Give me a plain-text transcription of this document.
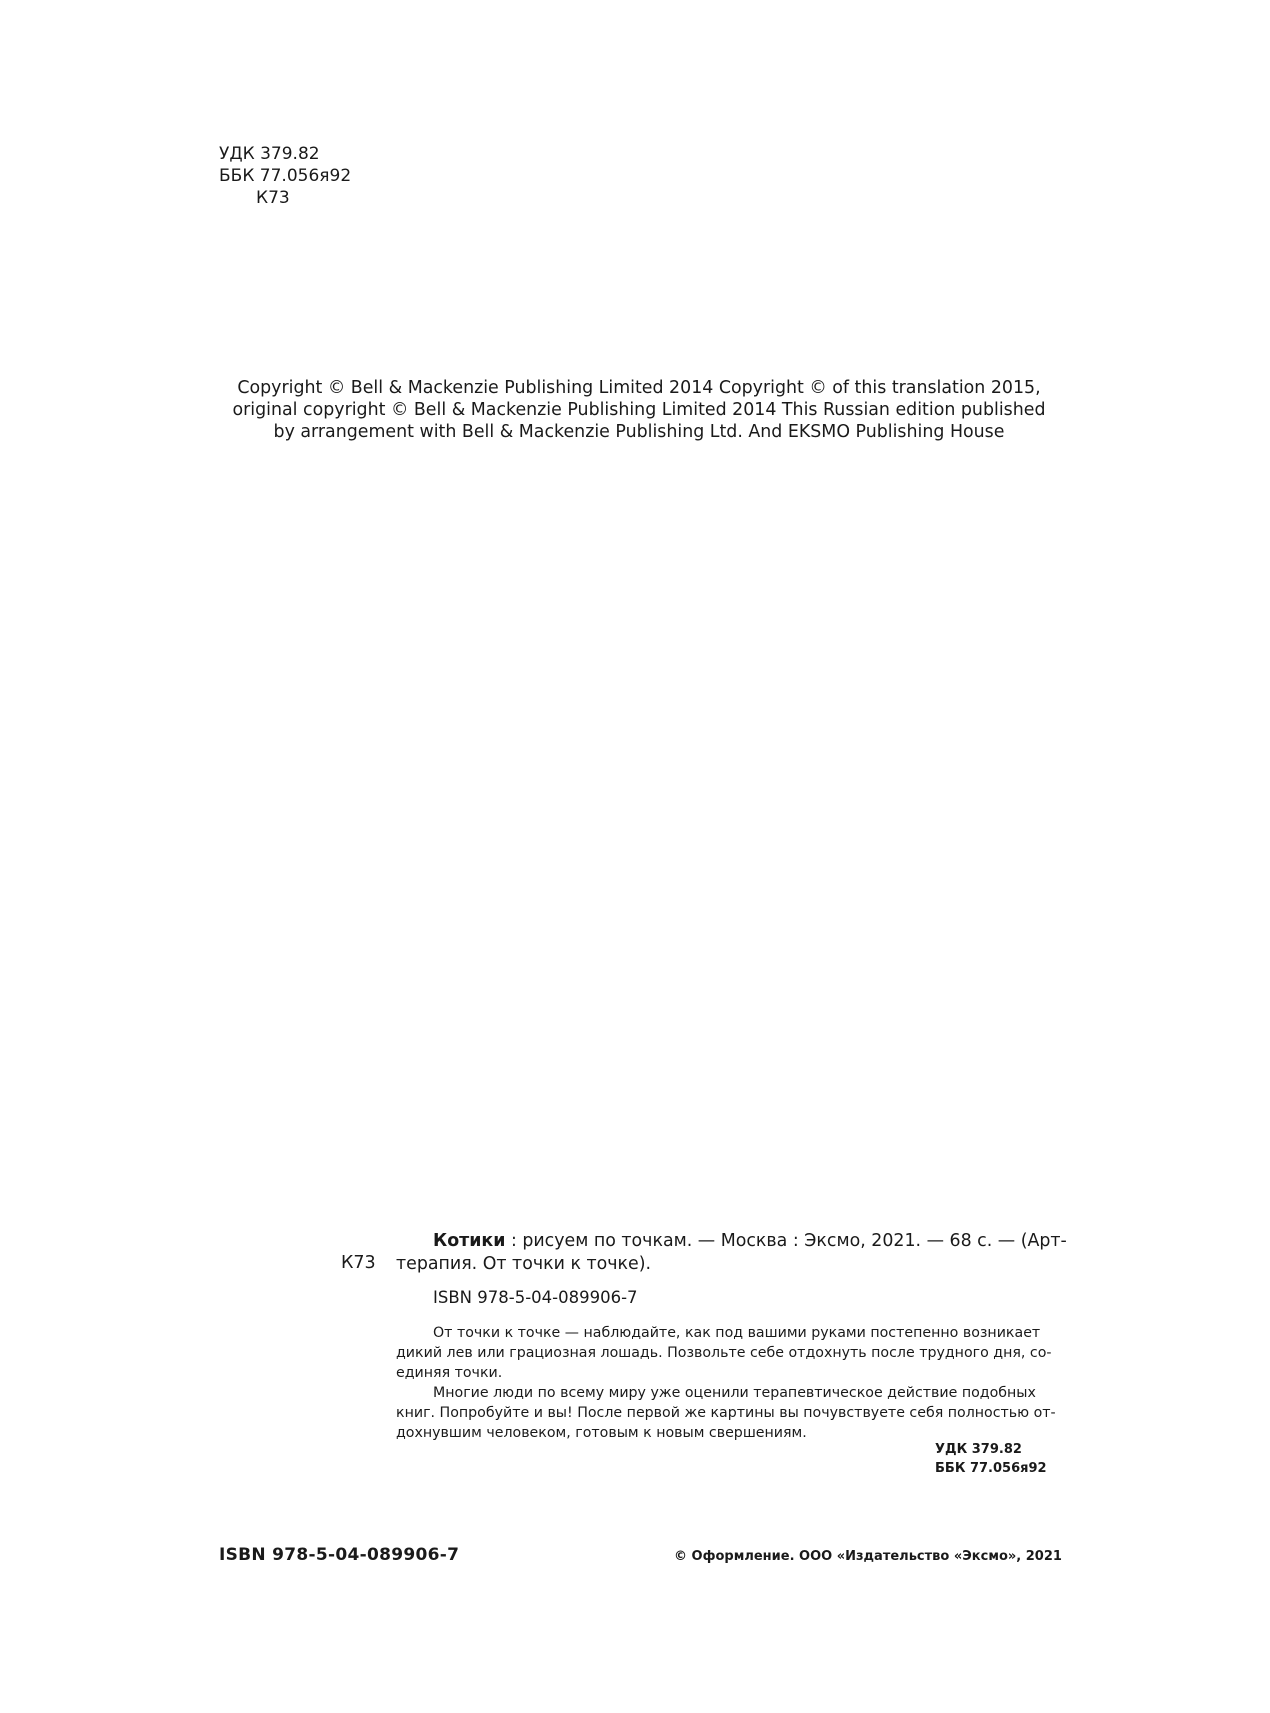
УДК 379.82
ББК 77.056я92
К73
Copyright © Bell & Mackenzie Publishing Limited 2014 Copyright © of this translation 2015,
original copyright © Bell & Mackenzie Publishing Limited 2014 This Russian edition published
by arrangement with Bell & Mackenzie Publishing Ltd. And EKSMO Publishing House
К73
Котики : рисуем по точкам. — Москва : Эксмо, 2021. — 68 с. — (Арт-
терапия. От точки к точке).
ISBN 978-5-04-089906-7
От точки к точке — наблюдайте, как под вашими руками постепенно возникает
дикий лев или грациозная лошадь. Позвольте себе отдохнуть после трудного дня, со-
единяя точки.
Многие люди по всему миру уже оценили терапевтическое действие подобных
книг. Попробуйте и вы! После первой же картины вы почувствуете себя полностью от-
дохнувшим человеком, готовым к новым свершениям.
УДК 379.82
ББК 77.056я92
ISBN 978-5-04-089906-7	© Оформление. ООО «Издательство «Эксмо», 2021
